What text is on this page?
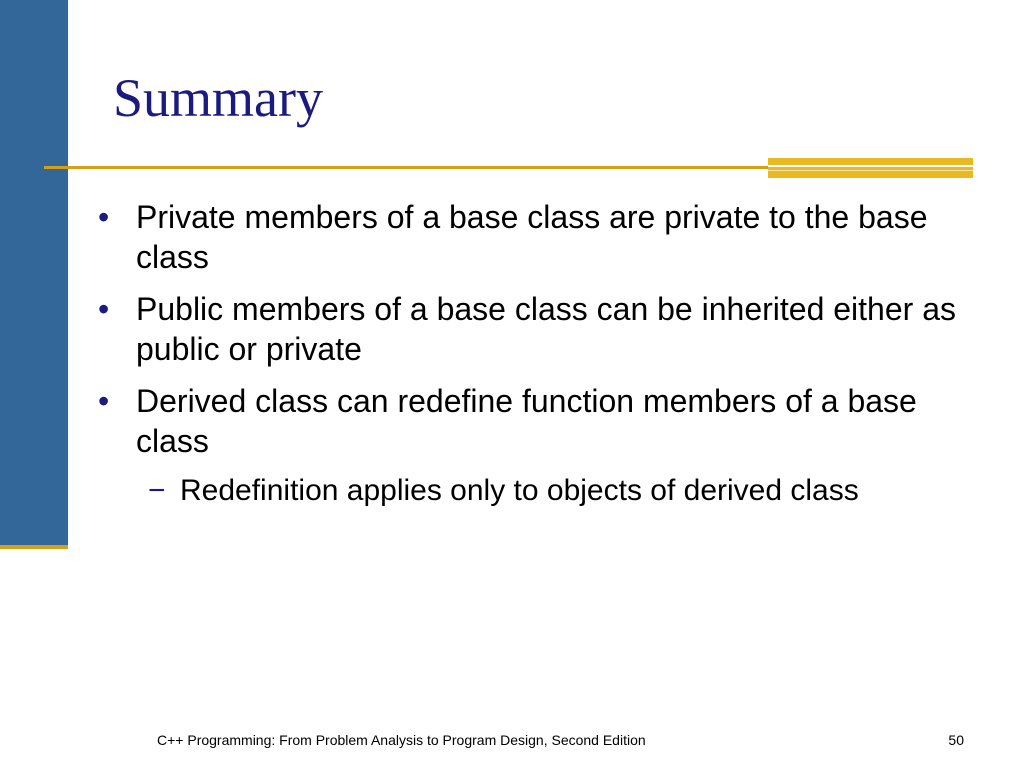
Summary
• Private members of a base class are private to the base class
• Public members of a base class can be inherited either as public or private
• Derived class can redefine function members of a base class
− Redefinition applies only to objects of derived class
C++ Programming: From Problem Analysis to Program Design, Second Edition	50
